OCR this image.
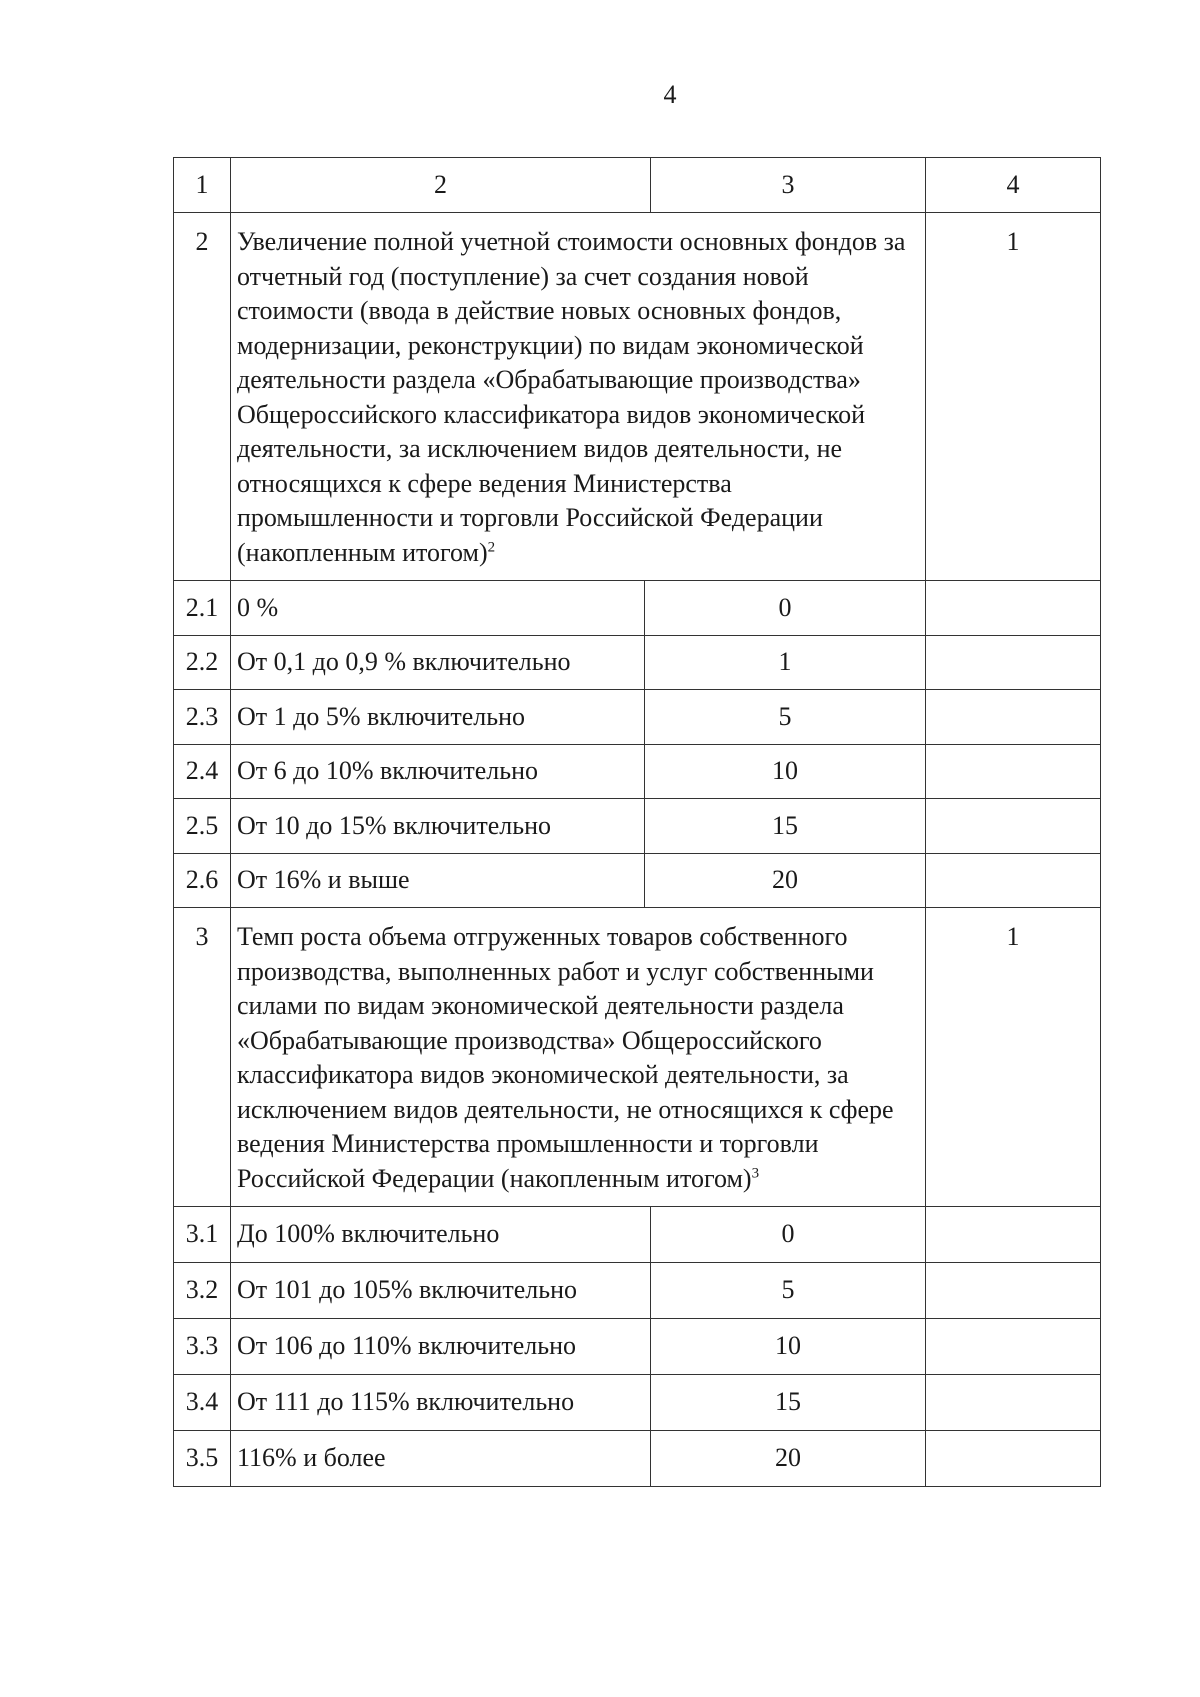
4
1	2		3	4
2	Увеличение полной учетной стоимости основных фондов за отчетный год (поступление) за счет создания новой стоимости (ввода в действие новых основных фондов, модернизации, реконструкции) по видам экономической деятельности раздела «Обрабатывающие производства» Общероссийского классификатора видов экономической деятельности, за исключением видов деятельности, не относящихся к сфере ведения Министерства промышленности и торговли Российской Федерации (накопленным итогом)$^2$			1
2.1	0 %	0		
2.2	От 0,1 до 0,9 % включительно	1		
2.3	От 1 до 5% включительно	5		
2.4	От 6 до 10% включительно	10		
2.5	От 10 до 15% включительно	15		
2.6	От 16% и выше	20		
3	Темп роста объема отгруженных товаров собственного производства, выполненных работ и услуг собственными силами по видам экономической деятельности раздела «Обрабатывающие производства» Общероссийского классификатора видов экономической деятельности, за исключением видов деятельности, не относящихся к сфере ведения Министерства промышленности и торговли Российской Федерации (накопленным итогом)$^3$			1
3.1	До 100% включительно		0	
3.2	От 101 до 105% включительно		5	
3.3	От 106 до 110% включительно		10	
3.4	От 111 до 115% включительно		15	
3.5	116% и более		20	
